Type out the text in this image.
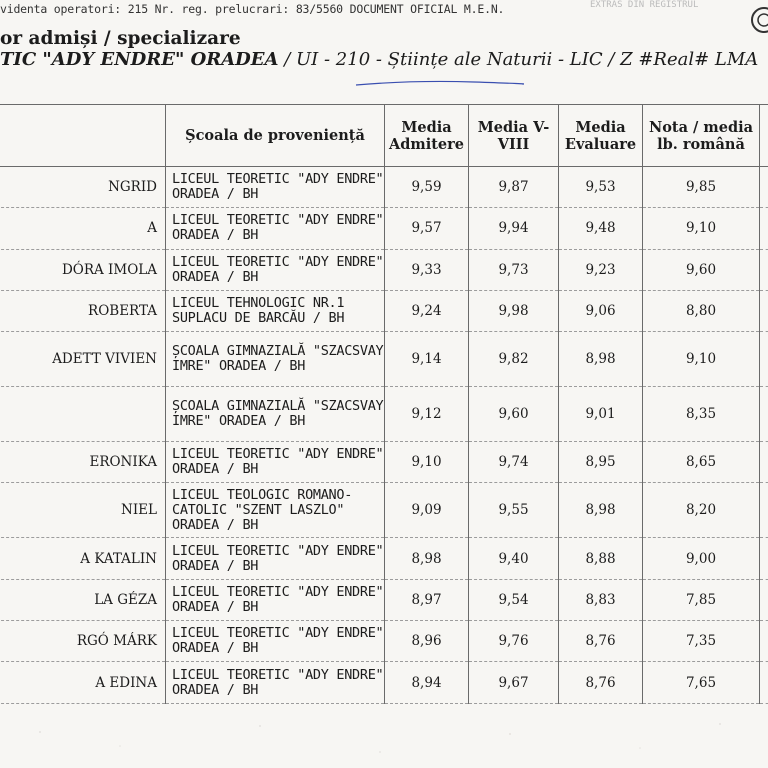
videnta operatori: 215 Nr. reg. prelucrari: 83/5560 DOCUMENT OFICIAL M.E.N.	EXTRAS DIN REGISTRUL
or admiși / specializare
TIC "ADY ENDRE" ORADEA / UI - 210 - Științe ale Naturii - LIC / Z #Real# LMA
	Școala de proveniență	Media Admitere	Media V-VIII	Media Evaluare	Nota / media lb. română	
NGRID	LICEUL TEORETIC "ADY ENDRE" ORADEA / BH	9,59	9,87	9,53	9,85	
A	LICEUL TEORETIC "ADY ENDRE" ORADEA / BH	9,57	9,94	9,48	9,10	
DÓRA IMOLA	LICEUL TEORETIC "ADY ENDRE" ORADEA / BH	9,33	9,73	9,23	9,60	
ROBERTA	LICEUL TEHNOLOGIC NR.1 SUPLACU DE BARCĂU / BH	9,24	9,98	9,06	8,80	
ADETT VIVIEN	ȘCOALA GIMNAZIALĂ "SZACSVAY IMRE" ORADEA / BH	9,14	9,82	8,98	9,10	
	ȘCOALA GIMNAZIALĂ "SZACSVAY IMRE" ORADEA / BH	9,12	9,60	9,01	8,35	
ERONIKA	LICEUL TEORETIC "ADY ENDRE" ORADEA / BH	9,10	9,74	8,95	8,65	
NIEL	LICEUL TEOLOGIC ROMANO-CATOLIC "SZENT LASZLO" ORADEA / BH	9,09	9,55	8,98	8,20	
A KATALIN	LICEUL TEORETIC "ADY ENDRE" ORADEA / BH	8,98	9,40	8,88	9,00	
LA GÉZA	LICEUL TEORETIC "ADY ENDRE" ORADEA / BH	8,97	9,54	8,83	7,85	
RGÓ MÁRK	LICEUL TEORETIC "ADY ENDRE" ORADEA / BH	8,96	9,76	8,76	7,35	
A EDINA	LICEUL TEORETIC "ADY ENDRE" ORADEA / BH	8,94	9,67	8,76	7,65	
